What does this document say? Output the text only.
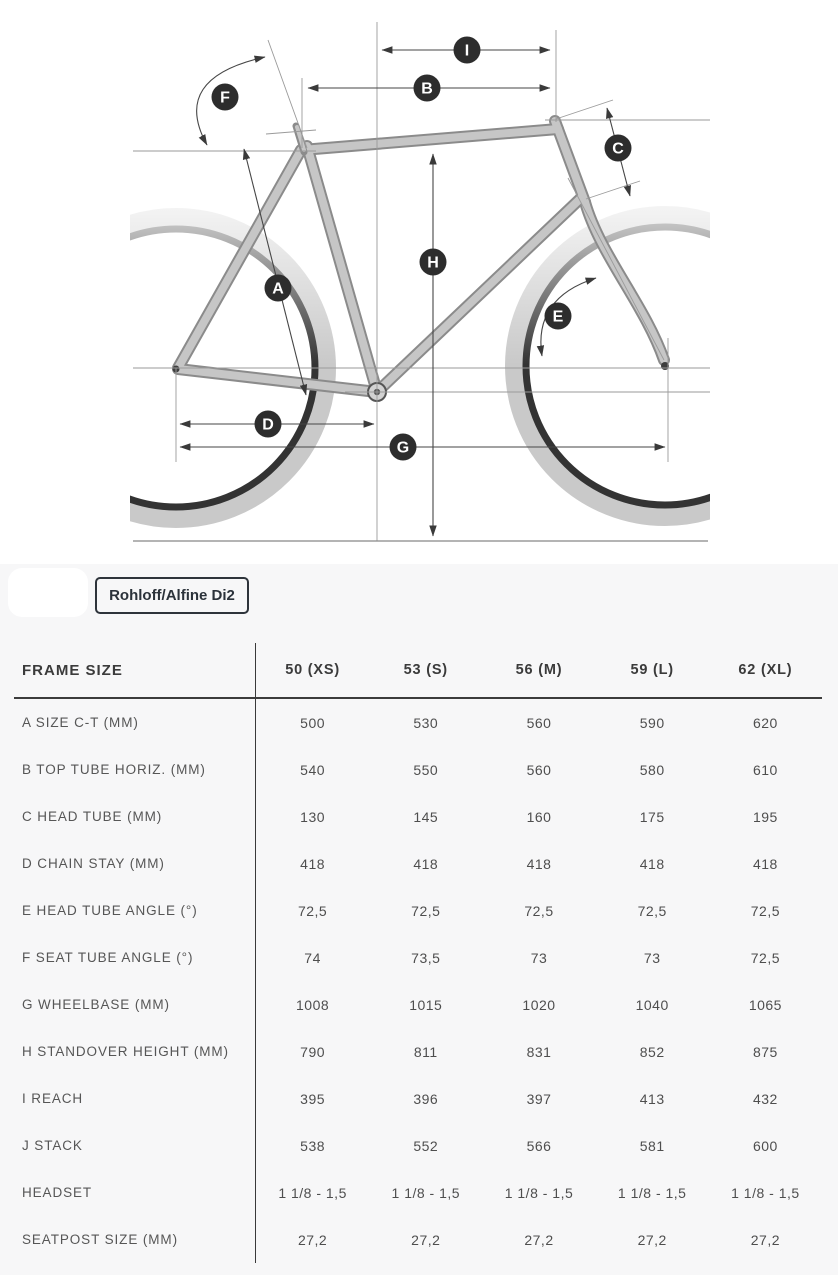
F
I
B
C
A
H
E
D
G
Rohloff/Alfine Di2
FRAME SIZE	50 (XS)	53 (S)	56 (M)	59 (L)	62 (XL)
A SIZE C-T (MM)	500	530	560	590	620
B TOP TUBE HORIZ. (MM)	540	550	560	580	610
C HEAD TUBE (MM)	130	145	160	175	195
D CHAIN STAY (MM)	418	418	418	418	418
E HEAD TUBE ANGLE (°)	72,5	72,5	72,5	72,5	72,5
F SEAT TUBE ANGLE (°)	74	73,5	73	73	72,5
G WHEELBASE (MM)	1008	1015	1020	1040	1065
H STANDOVER HEIGHT (MM)	790	811	831	852	875
I REACH	395	396	397	413	432
J STACK	538	552	566	581	600
HEADSET	1 1/8 - 1,5	1 1/8 - 1,5	1 1/8 - 1,5	1 1/8 - 1,5	1 1/8 - 1,5
SEATPOST SIZE (MM)	27,2	27,2	27,2	27,2	27,2
